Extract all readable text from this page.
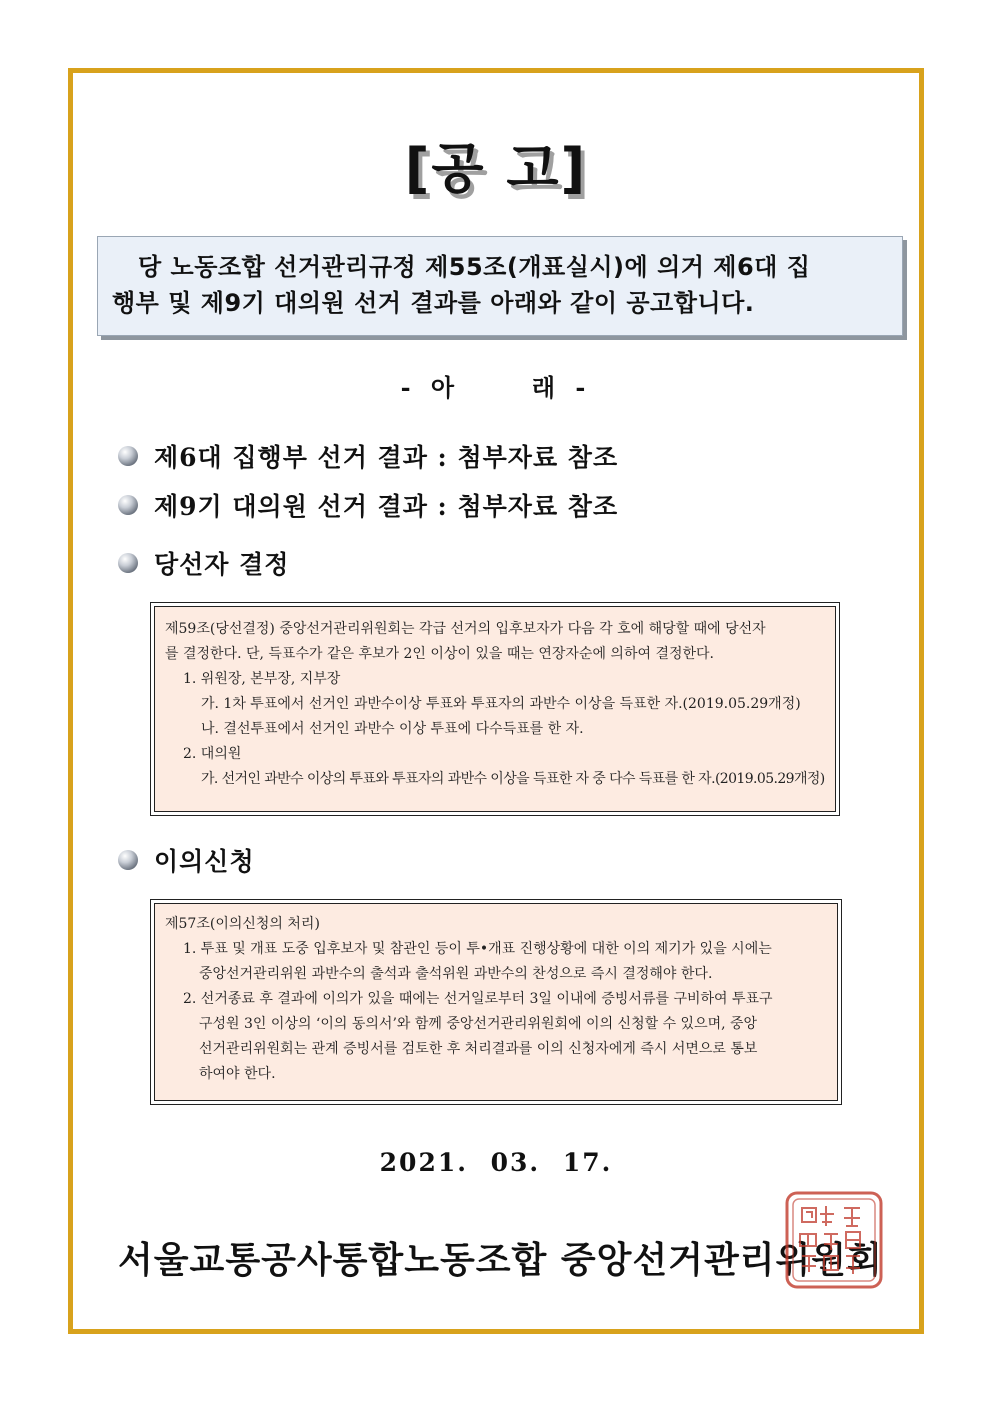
[공 고]

당 노동조합 선거관리규정 제55조(개표실시)에 의거 제6대 집
행부 및 제9기 대의원 선거 결과를 아래와 같이 공고합니다.

- 아     래 -
제6대 집행부 선거 결과 : 첨부자료 참조
제9기 대의원 선거 결과 : 첨부자료 참조
당선자 결정
제59조(당선결정) 중앙선거관리위원회는 각급 선거의 입후보자가 다음 각 호에 해당할 때에 당선자
를 결정한다. 단, 득표수가 같은 후보가 2인 이상이 있을 때는 연장자순에 의하여 결정한다.
1. 위원장, 본부장, 지부장
가. 1차 투표에서 선거인 과반수이상 투표와 투표자의 과반수 이상을 득표한 자.(2019.05.29개정)
나. 결선투표에서 선거인 과반수 이상 투표에 다수득표를 한 자.
2. 대의원
가. 선거인 과반수 이상의 투표와 투표자의 과반수 이상을 득표한 자 중 다수 득표를 한 자.(2019.05.29개정)
이의신청
제57조(이의신청의 처리)
1. 투표 및 개표 도중 입후보자 및 참관인 등이 투•개표 진행상황에 대한 이의 제기가 있을 시에는
중앙선거관리위원 과반수의 출석과 출석위원 과반수의 찬성으로 즉시 결정해야 한다.
2. 선거종료 후 결과에 이의가 있을 때에는 선거일로부터 3일 이내에 증빙서류를 구비하여 투표구
구성원 3인 이상의 ‘이의 동의서’와 함께 중앙선거관리위원회에 이의 신청할 수 있으며, 중앙
선거관리위원회는 관계 증빙서를 검토한 후 처리결과를 이의 신청자에게 즉시 서면으로 통보
하여야 한다.
2021. 03. 17.
서울교통공사통합노동조합 중앙선거관리위원회
